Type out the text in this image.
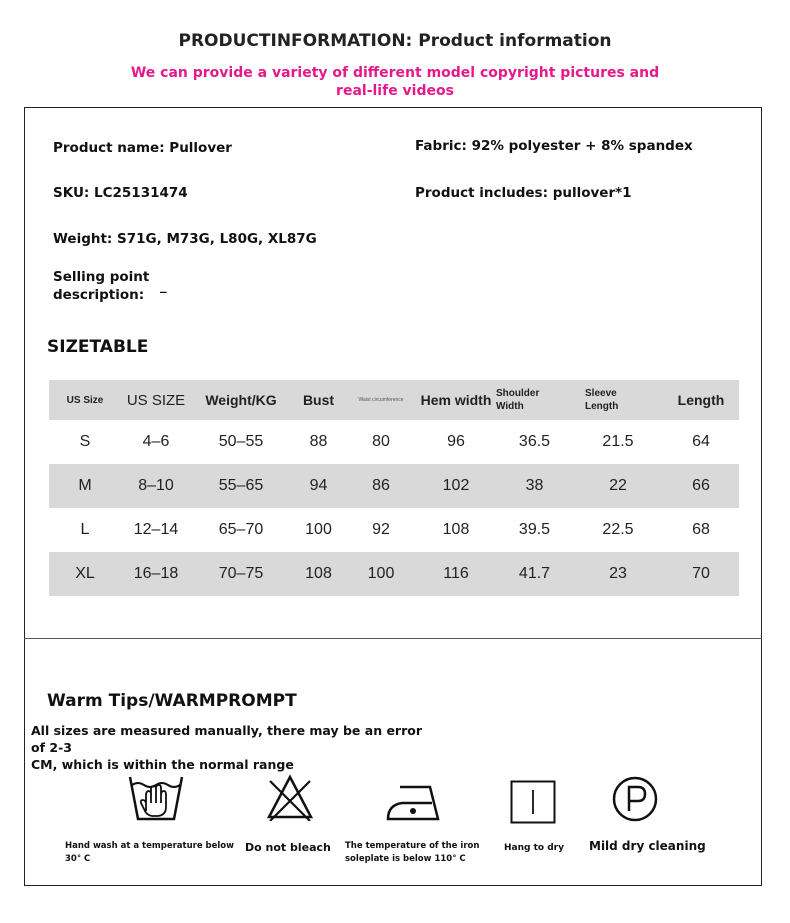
PRODUCTINFORMATION: Product information
We can provide a variety of different model copyright pictures and
real-life videos
Product name: Pullover	Fabric: 92% polyester + 8% spandex
SKU: LC25131474	Product includes: pullover*1
Weight: S71G, M73G, L80G, XL87G
Selling point
description:
_
SIZETABLE
US Size	US SIZE	Weight/KG	Bust	Waist circumference	Hem width	Shoulder Width	Sleeve Length	Length
S	4–6	50–55	88	80	96	36.5	21.5	64
M	8–10	55–65	94	86	102	38	22	66
L	12–14	65–70	100	92	108	39.5	22.5	68
XL	16–18	70–75	108	100	116	41.7	23	70
Warm Tips/WARMPROMPT
All sizes are measured manually, there may be an error of 2-3
CM, which is within the normal range
Hand wash at a temperature below
30° C
Do not bleach The temperature of the iron
soleplate is below 110° C
Hang to dry Mild dry cleaning
